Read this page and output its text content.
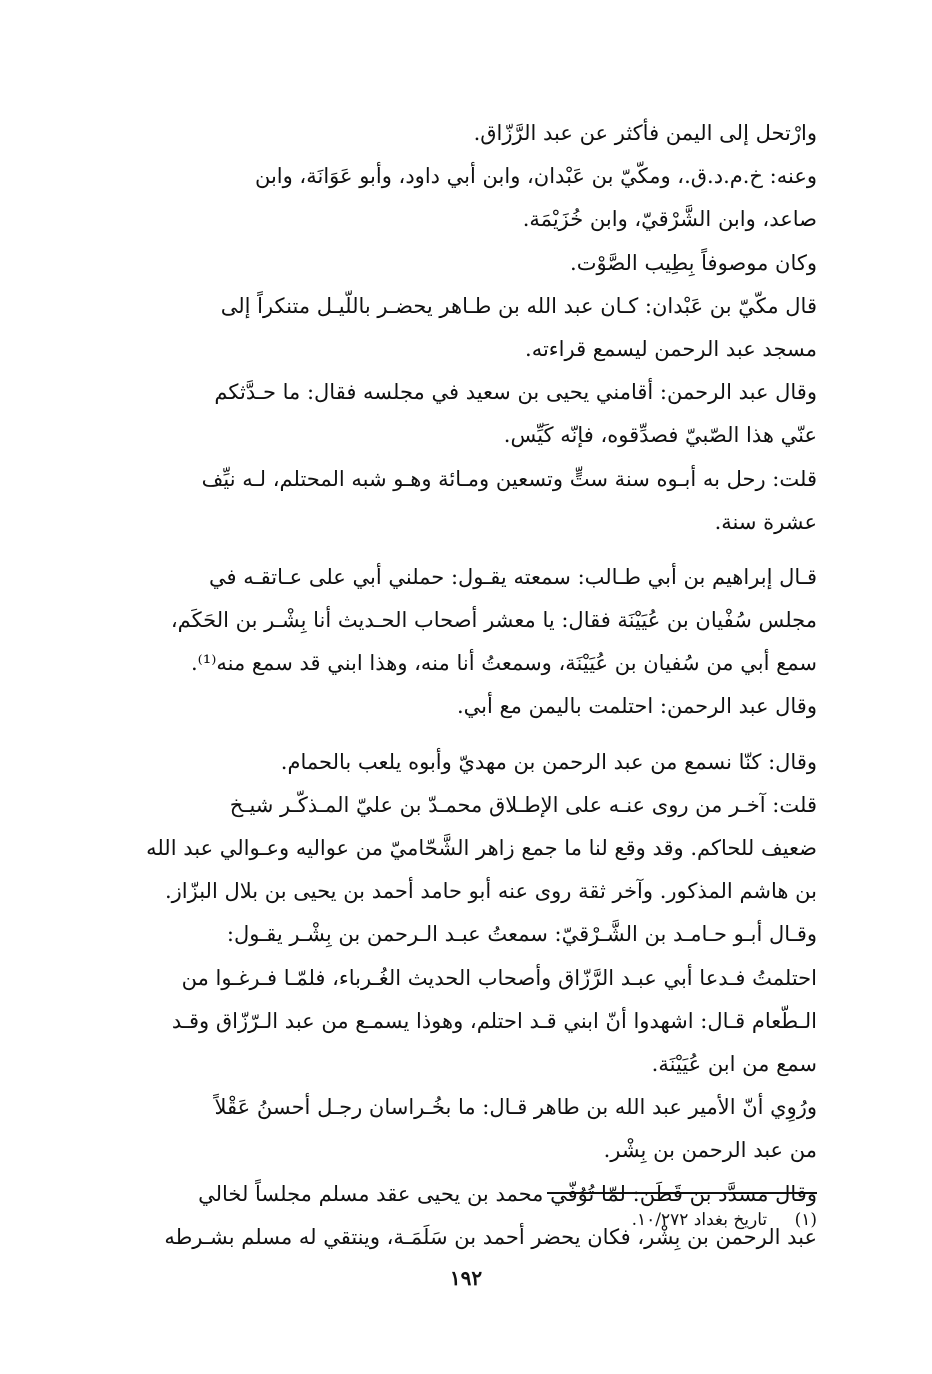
وارْتحل إلى اليمن فأكثر عن عبد الرَّزّاق.
وعنه: خ.م.د.ق.، ومكّيّ بن عَبْدان، وابن أبي داود، وأبو عَوَانَة، وابن
صاعد، وابن الشَّرْقيّ، وابن خُزَيْمَة.
وكان موصوفاً بِطِيب الصَّوْت.
قال مكّيّ بن عَبْدان: كـان عبد الله بن طـاهر يحضـر باللّيـل متنكراً إلى
مسجد عبد الرحمن ليسمع قراءته.
وقال عبد الرحمن: أقامني يحيى بن سعيد في مجلسه فقال: ما حـدَّثكم
عنّي هذا الصّبيّ فصدِّقوه، فإنّه كَيِّس.
قلت: رحل به أبـوه سنة ستٍّ وتسعين ومـائة وهـو شبه المحتلم، لـه نيِّف
عشرة سنة.
قـال إبراهيم بن أبي طـالب: سمعته يقـول: حملني أبي على عـاتقـه في
مجلس سُفْيان بن عُيَيْنَة فقال: يا معشر أصحاب الحـديث أنا بِشْـر بن الحَكَم،
سمع أبي من سُفيان بن عُيَيْنَة، وسمعتُ أنا منه، وهذا ابني قد سمع منه⁽¹⁾.
وقال عبد الرحمن: احتلمت باليمن مع أبي.
وقال: كنّا نسمع من عبد الرحمن بن مهديّ وأبوه يلعب بالحمام.
قلت: آخـر من روى عنـه على الإطـلاق محمـدّ بن عليّ المـذكّـر شيـخ
ضعيف للحاكم. وقد وقع لنا ما جمع زاهر الشَّحّاميّ من عواليه وعـوالي عبد الله
بن هاشم المذكور. وآخر ثقة روى عنه أبو حامد أحمد بن يحيى بن بلال البزّاز.
وقـال أبـو حـامـد بن الشَّـرْقيّ: سمعتُ عبـد الـرحمن بن بِشْـر يقـول:
احتلمتُ فـدعا أبي عبـد الرَّزّاق وأصحاب الحديث الغُـرباء، فلمّـا فـرغـوا من
الـطّعام قـال: اشهدوا أنّ ابني قـد احتلم، وهوذا يسمـع من عبد الـرّزّاق وقـد
سمع من ابن عُيَيْنَة.
ورُوِي أنّ الأمير عبد الله بن طاهر قـال: ما بخُـراسان رجـل أحسنُ عَقْلاً
من عبد الرحمن بن بِشْر.
وقال مسدَّد بن قَطَن: لمّا تُوُفّي محمد بن يحيى عقد مسلم مجلساً لخالي
عبد الرحمن بن بِشْر، فكان يحضر أحمد بن سَلَمَـة، وينتقي له مسلم بشـرطه
(١) تاريخ بغداد ١٠/٢٧٢.
١٩٢
